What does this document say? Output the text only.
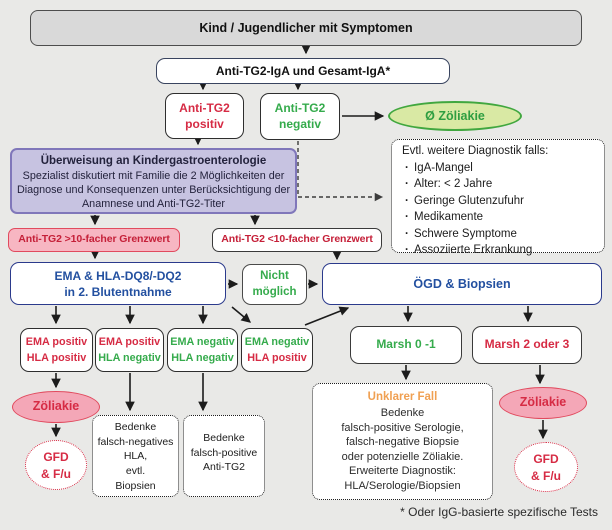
Kind / Jugendlicher mit Symptomen
Anti-TG2-IgA und Gesamt-IgA*
Anti-TG2
positiv
Anti-TG2
negativ
Ø Zöliakie
Evtl. weitere Diagnostik falls:
· IgA-Mangel
· Alter: < 2 Jahre
· Geringe Glutenzufuhr
· Medikamente
· Schwere Symptome
· Assoziierte Erkrankung
Überweisung an Kindergastroenterologie
Spezialist diskutiert mit Familie die 2 Möglichkeiten der
Diagnose und Konsequenzen unter Berücksichtigung der
Anamnese und Anti-TG2-Titer
Anti-TG2 >10-facher Grenzwert	Anti-TG2 <10-facher Grenzwert
EMA & HLA-DQ8/-DQ2
in 2. Blutentnahme
Nicht
möglich
ÖGD & Biopsien
EMA positiv
HLA positiv
EMA positiv
HLA negativ
EMA negativ
HLA negativ
EMA negativ
HLA positiv
Marsh 0 -1	Marsh 2 oder 3
Zöliakie
GFD
& F/u
Bedenke
falsch-negatives
HLA,
evtl.
Biopsien
Bedenke
falsch-positive
Anti-TG2
Unklarer Fall
Bedenke
falsch-positive Serologie,
falsch-negative Biopsie
oder potenzielle Zöliakie.
Erweiterte Diagnostik:
HLA/Serologie/Biopsien
Zöliakie
GFD
& F/u
* Oder IgG-basierte spezifische Tests
